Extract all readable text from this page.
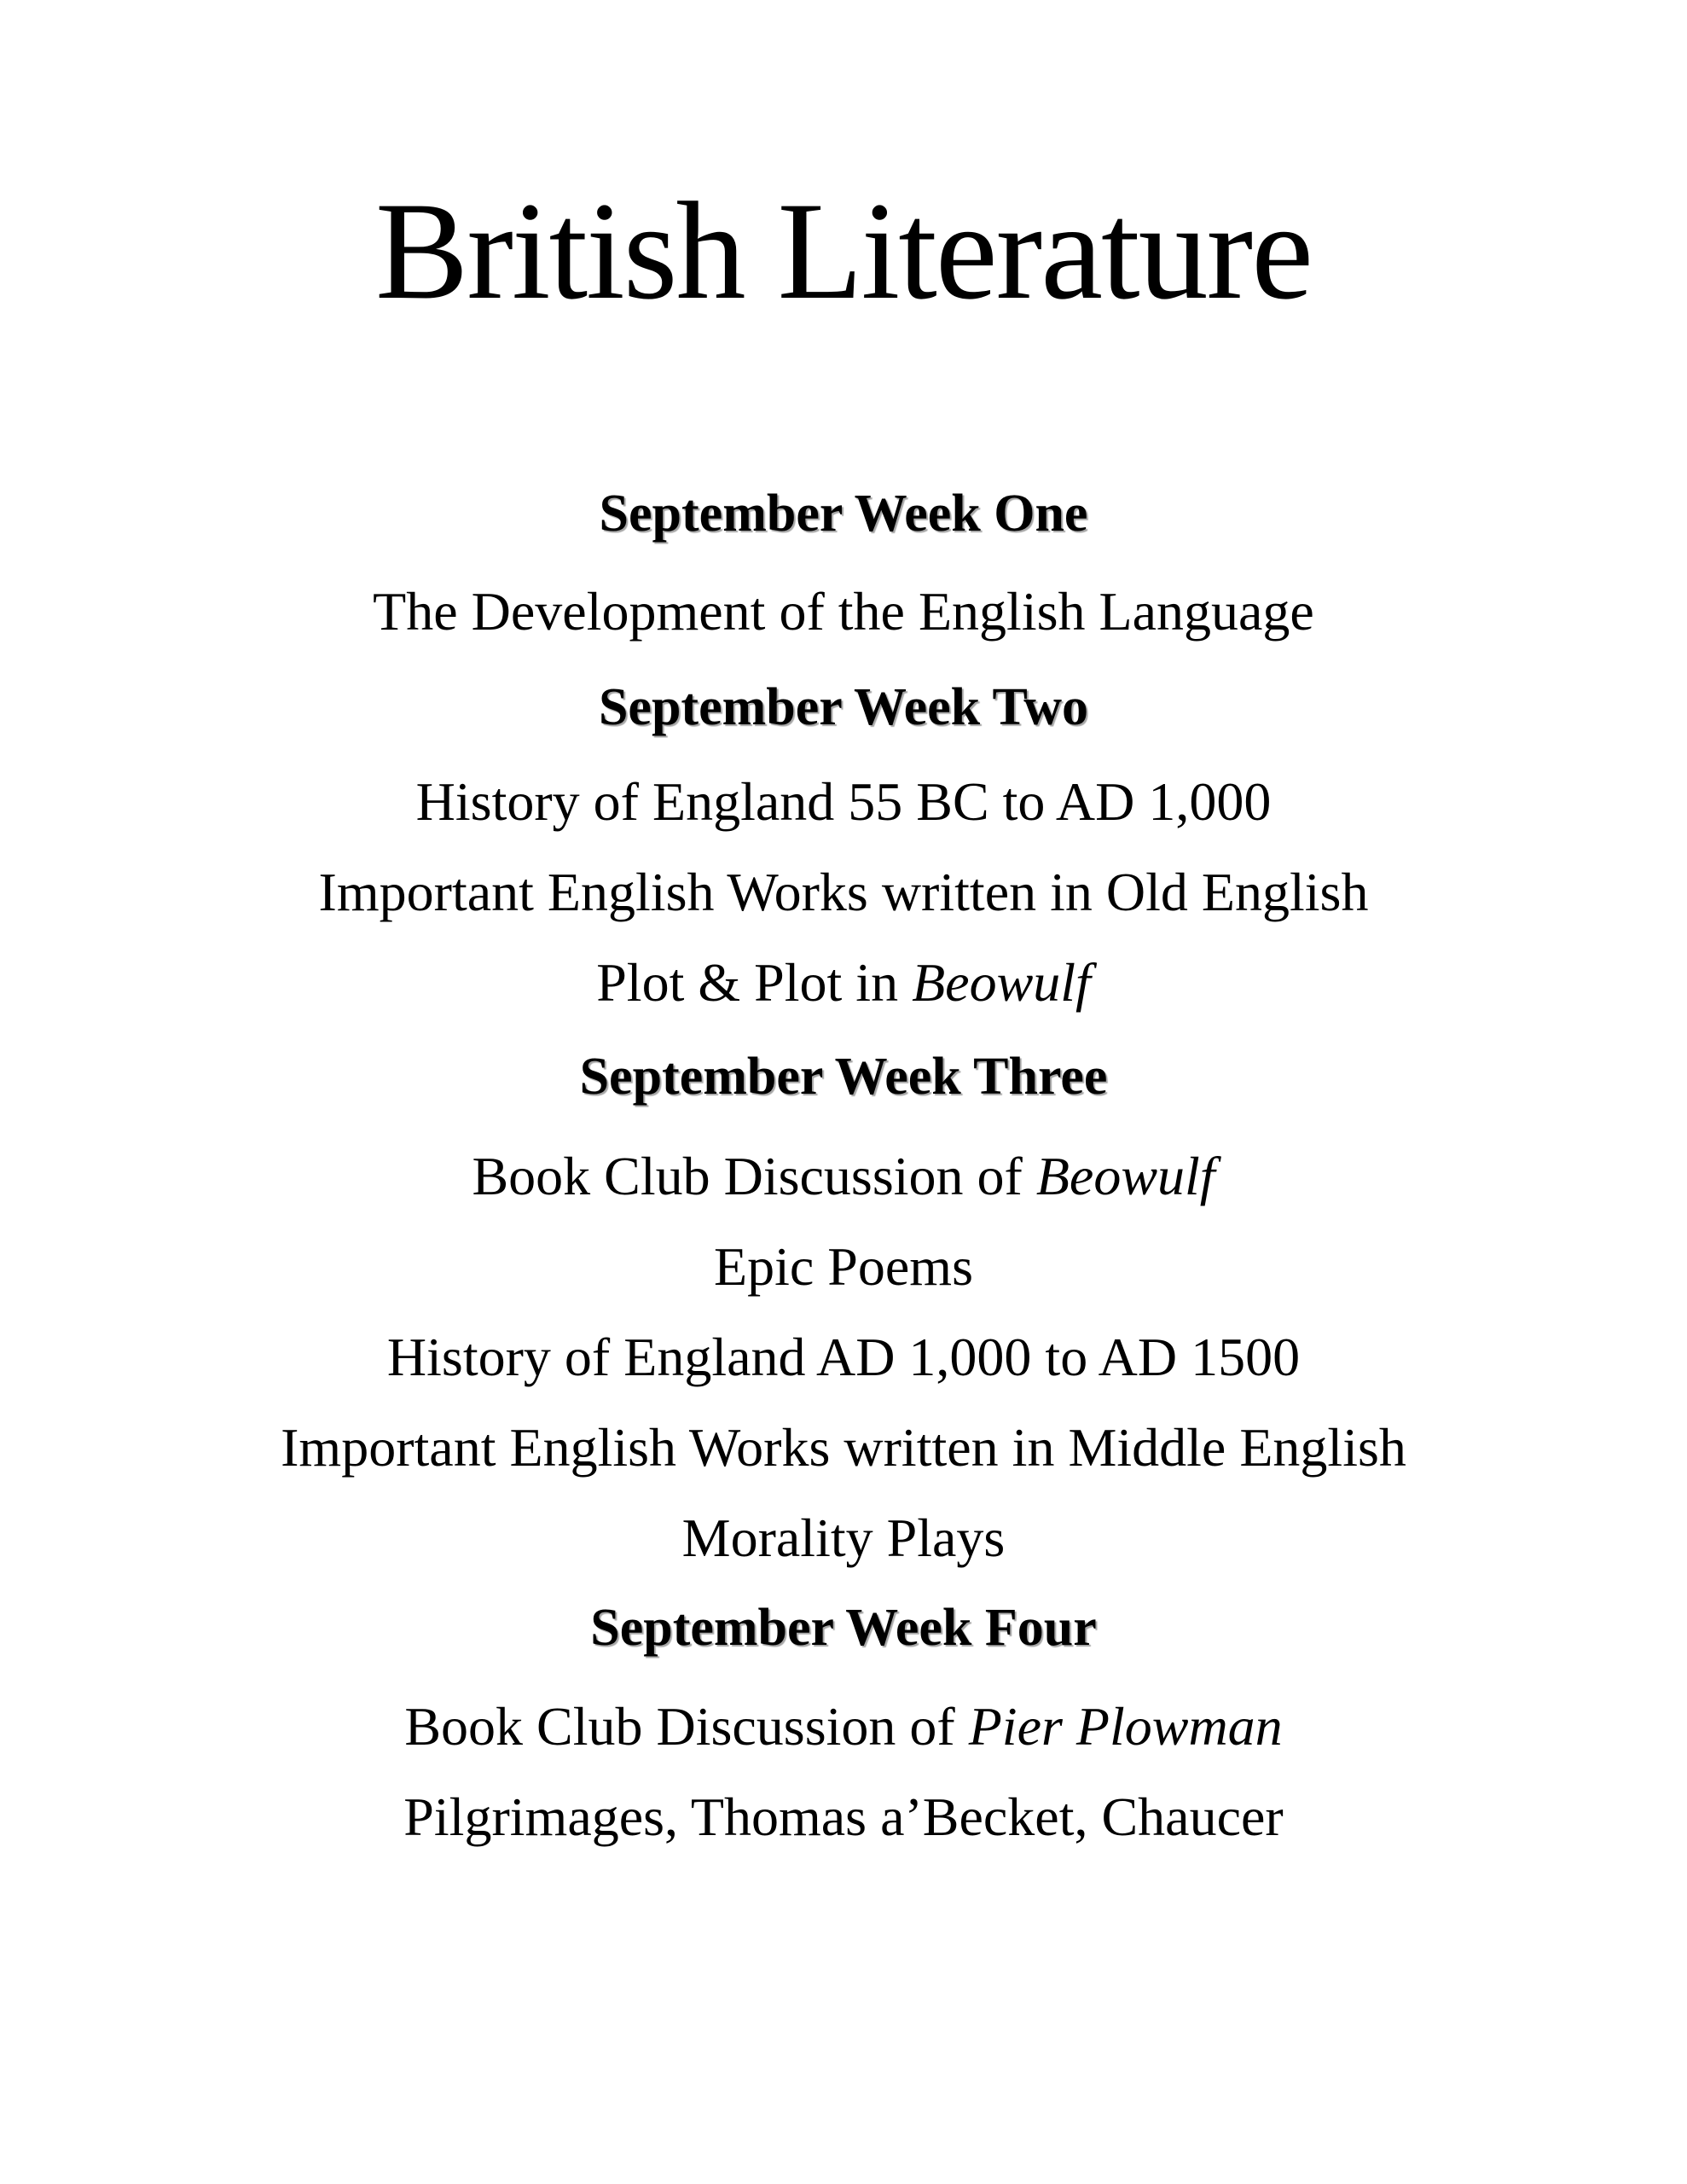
British Literature
September Week One

The Development of the English Language

September Week Two

History of England 55 BC to AD 1,000

Important English Works written in Old English

Plot & Plot in Beowulf

September Week Three

Book Club Discussion of Beowulf

Epic Poems

History of England AD 1,000 to AD 1500

Important English Works written in Middle English

Morality Plays

September Week Four

Book Club Discussion of Pier Plowman

Pilgrimages, Thomas a’Becket, Chaucer
